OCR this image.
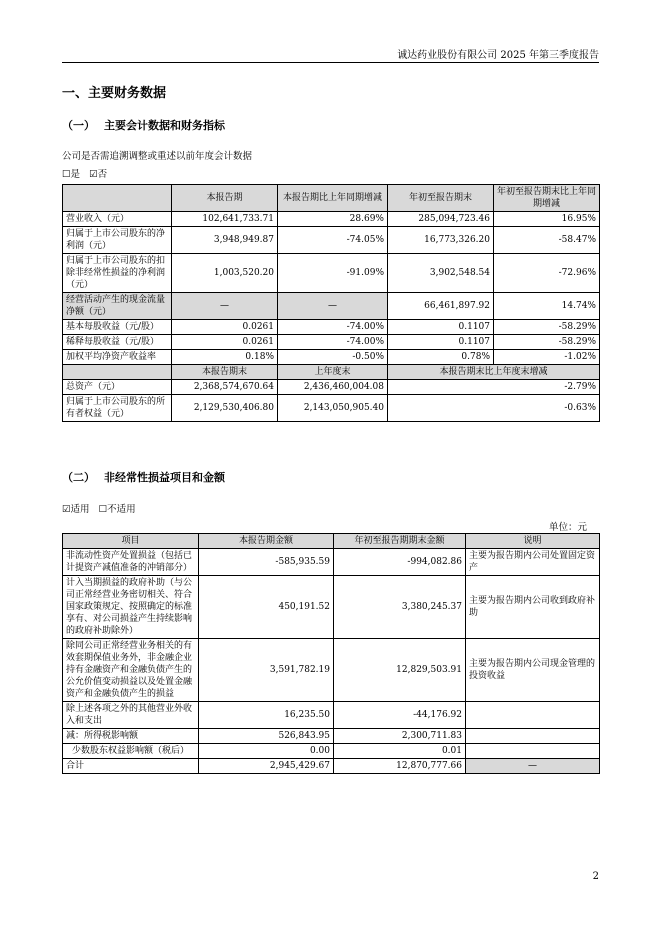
诚达药业股份有限公司 2025 年第三季度报告
一、主要财务数据
（一） 主要会计数据和财务指标
公司是否需追溯调整或重述以前年度会计数据
☐是 ☑否
	本报告期	本报告期比上年同期增减	年初至报告期末	年初至报告期末比上年同期增减
营业收入（元）	102,641,733.71	28.69%	285,094,723.46	16.95%
归属于上市公司股东的净利润（元）	3,948,949.87	-74.05%	16,773,326.20	-58.47%
归属于上市公司股东的扣除非经常性损益的净利润（元）	1,003,520.20	-91.09%	3,902,548.54	-72.96%
经营活动产生的现金流量净额（元）	—	—	66,461,897.92	14.74%
基本每股收益（元/股）	0.0261	-74.00%	0.1107	-58.29%
稀释每股收益（元/股）	0.0261	-74.00%	0.1107	-58.29%
加权平均净资产收益率	0.18%	-0.50%	0.78%	-1.02%
	本报告期末	上年度末	本报告期末比上年度末增减	
总资产（元）	2,368,574,670.64	2,436,460,004.08	-2.79%	
归属于上市公司股东的所有者权益（元）	2,129,530,406.80	2,143,050,905.40	-0.63%	
（二） 非经常性损益项目和金额
☑适用 ☐不适用
单位：元
项目	本报告期金额	年初至报告期期末金额	说明
非流动性资产处置损益（包括已计提资产减值准备的冲销部分）	-585,935.59	-994,082.86	主要为报告期内公司处置固定资产
计入当期损益的政府补助（与公司正常经营业务密切相关、符合国家政策规定、按照确定的标准享有、对公司损益产生持续影响的政府补助除外）	450,191.52	3,380,245.37	主要为报告期内公司收到政府补助
除同公司正常经营业务相关的有效套期保值业务外，非金融企业持有金融资产和金融负债产生的公允价值变动损益以及处置金融资产和金融负债产生的损益	3,591,782.19	12,829,503.91	主要为报告期内公司现金管理的投资收益
除上述各项之外的其他营业外收入和支出	16,235.50	-44,176.92	
减：所得税影响额	526,843.95	2,300,711.83	
少数股东权益影响额（税后）	0.00	0.01	
合计	2,945,429.67	12,870,777.66	—
2
